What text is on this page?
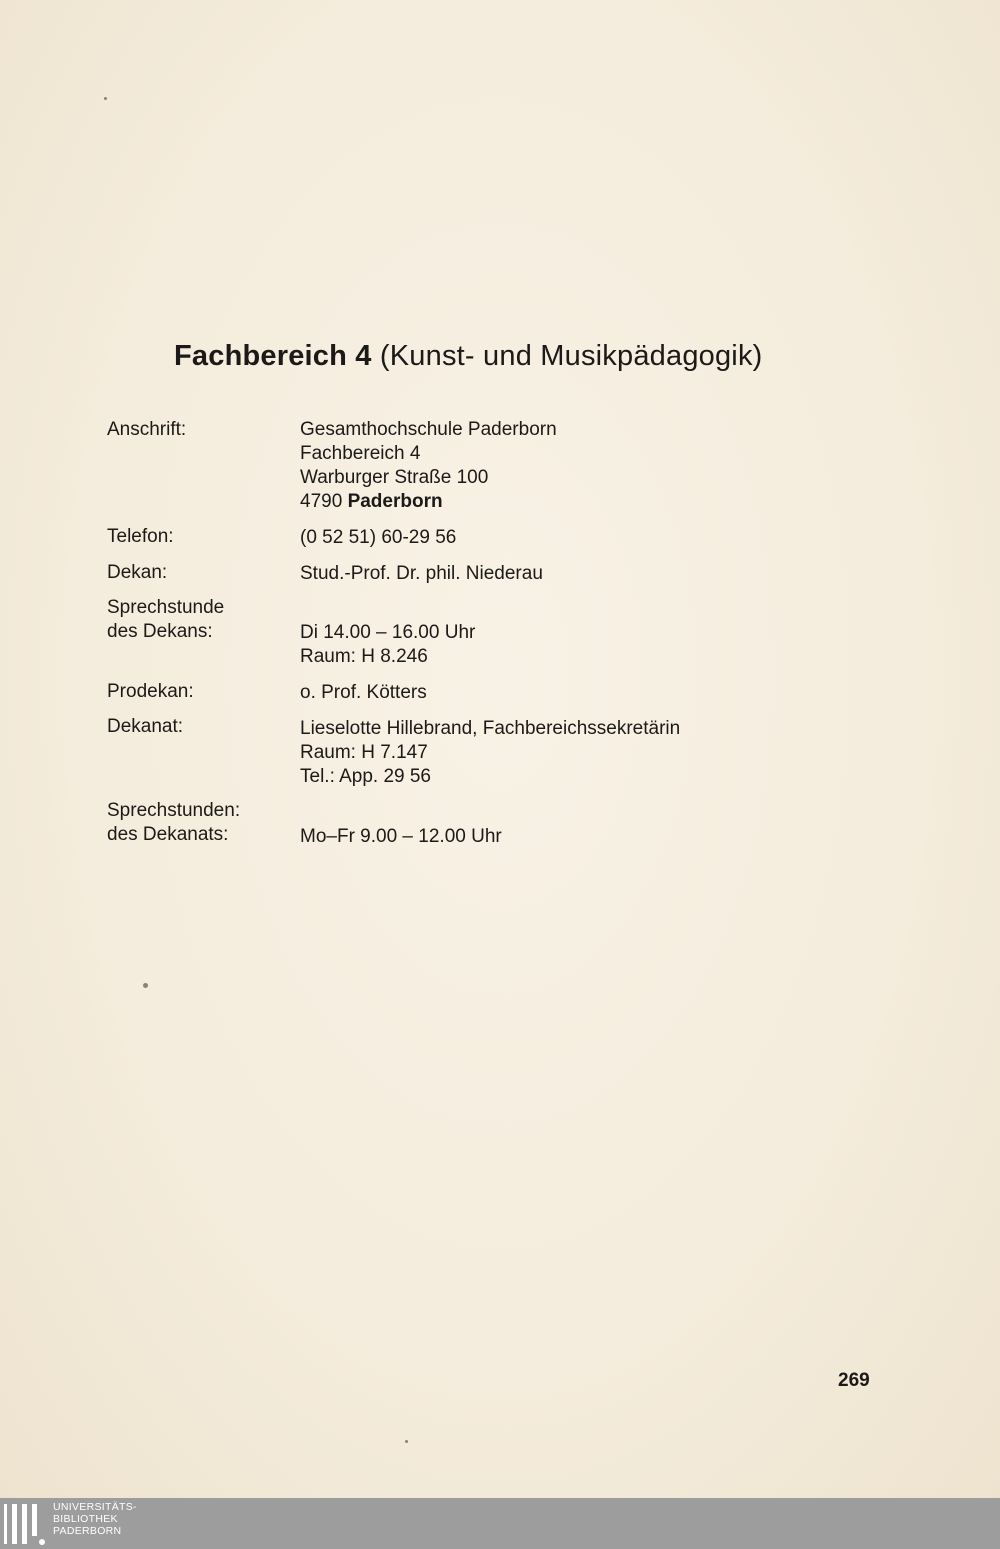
Fachbereich 4 (Kunst- und Musikpädagogik)
Anschrift:	Gesamthochschule Paderborn
Fachbereich 4
Warburger Straße 100
4790 Paderborn
Telefon:	(0 52 51) 60-29 56
Dekan:	Stud.-Prof. Dr. phil. Niederau
Sprechstunde
des Dekans:	Di 14.00 – 16.00 Uhr
Raum: H 8.246
Prodekan:	o. Prof. Kötters
Dekanat:	Lieselotte Hillebrand, Fachbereichssekretärin
Raum: H 7.147
Tel.: App. 29 56
Sprechstunden:
des Dekanats:	Mo–Fr 9.00 – 12.00 Uhr
269
UNIVERSITÄTS-
BIBLIOTHEK
PADERBORN
